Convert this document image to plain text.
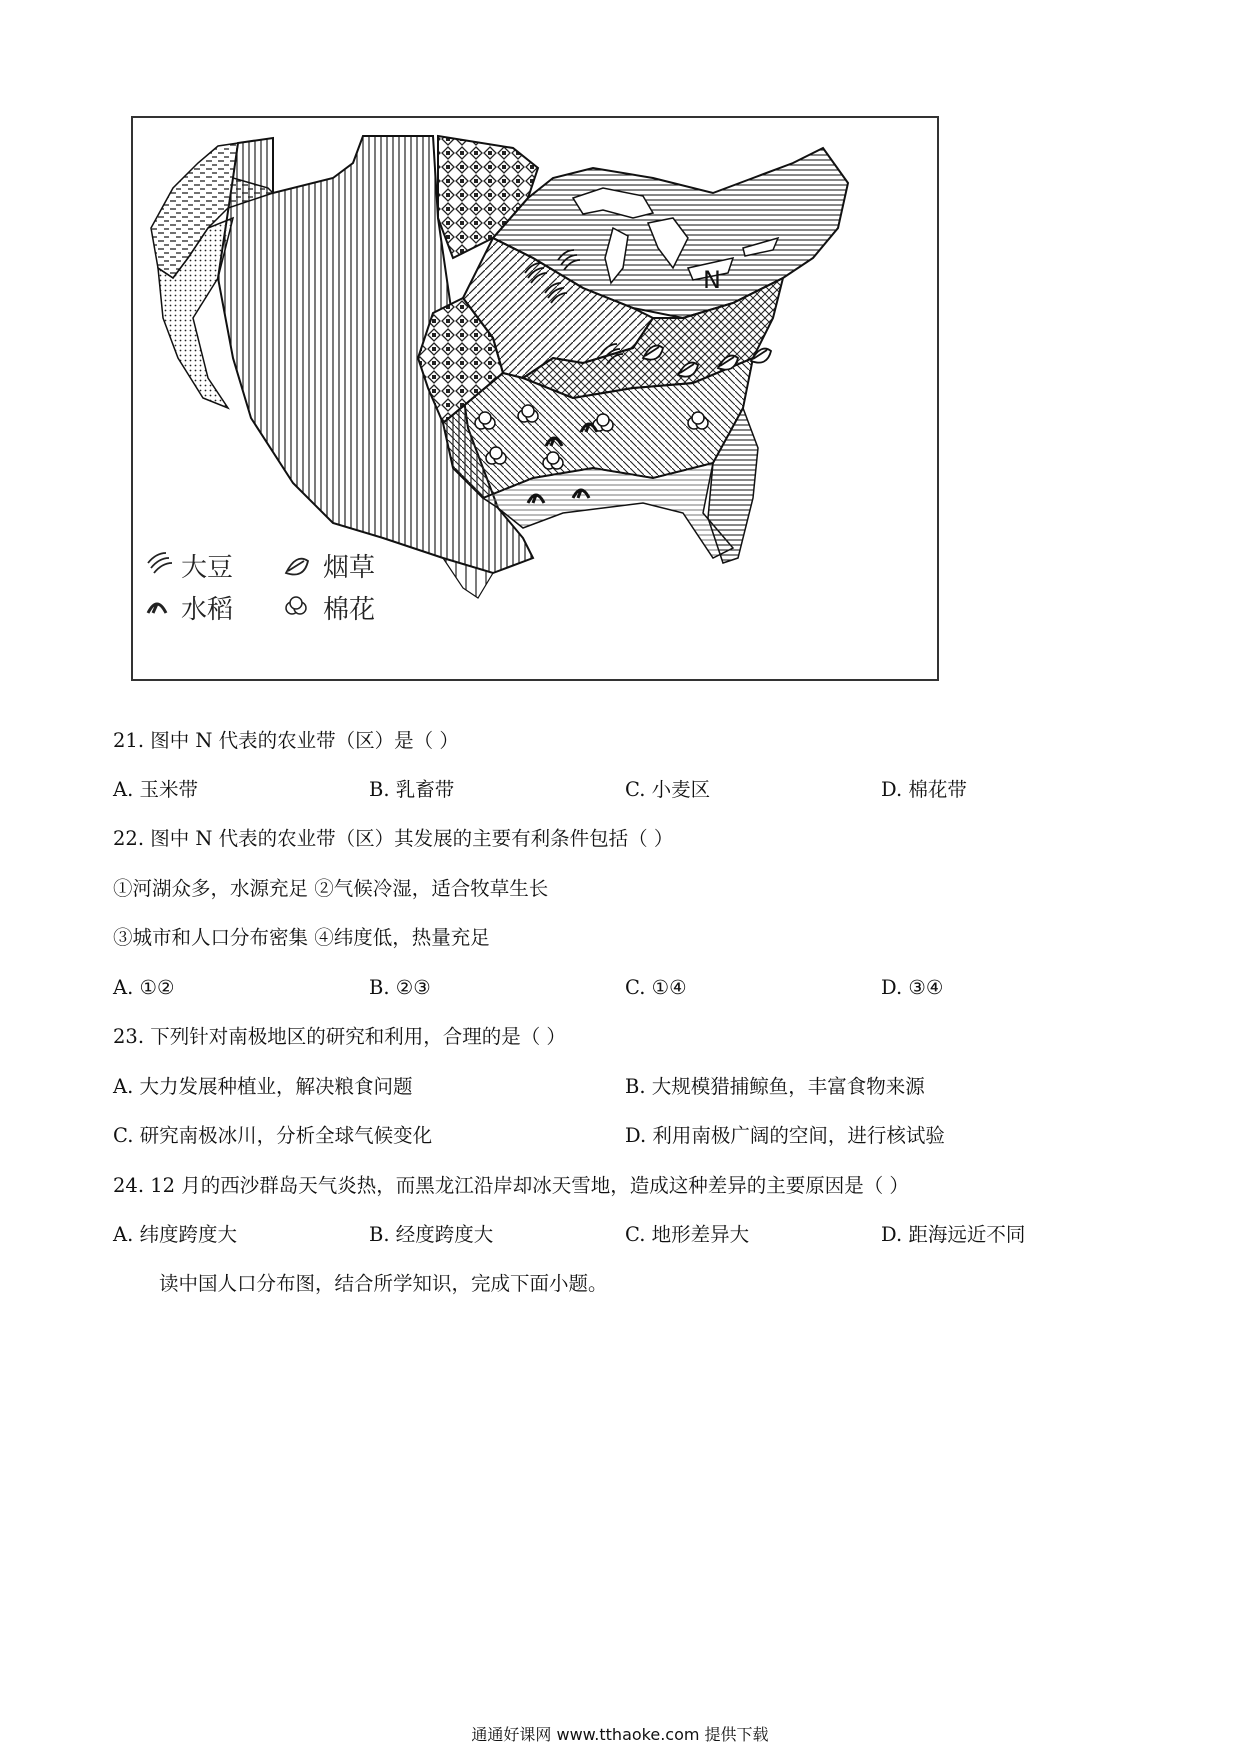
N
大豆	烟草
水稻	棉花
21. 图中 N 代表的农业带（区）是（ ）
A. 玉米带	B. 乳畜带	C. 小麦区	D. 棉花带
22. 图中 N 代表的农业带（区）其发展的主要有利条件包括（ ）
①河湖众多，水源充足 ②气候冷湿，适合牧草生长
③城市和人口分布密集 ④纬度低，热量充足
A. ①②	B. ②③	C. ①④	D. ③④
23. 下列针对南极地区的研究和利用，合理的是（ ）
A. 大力发展种植业，解决粮食问题	B. 大规模猎捕鲸鱼，丰富食物来源
C. 研究南极冰川，分析全球气候变化	D. 利用南极广阔的空间，进行核试验
24. 12 月的西沙群岛天气炎热，而黑龙江沿岸却冰天雪地，造成这种差异的主要原因是（ ）
A. 纬度跨度大	B. 经度跨度大	C. 地形差异大	D. 距海远近不同
读中国人口分布图，结合所学知识，完成下面小题。
通通好课网 www.tthaoke.com 提供下载
